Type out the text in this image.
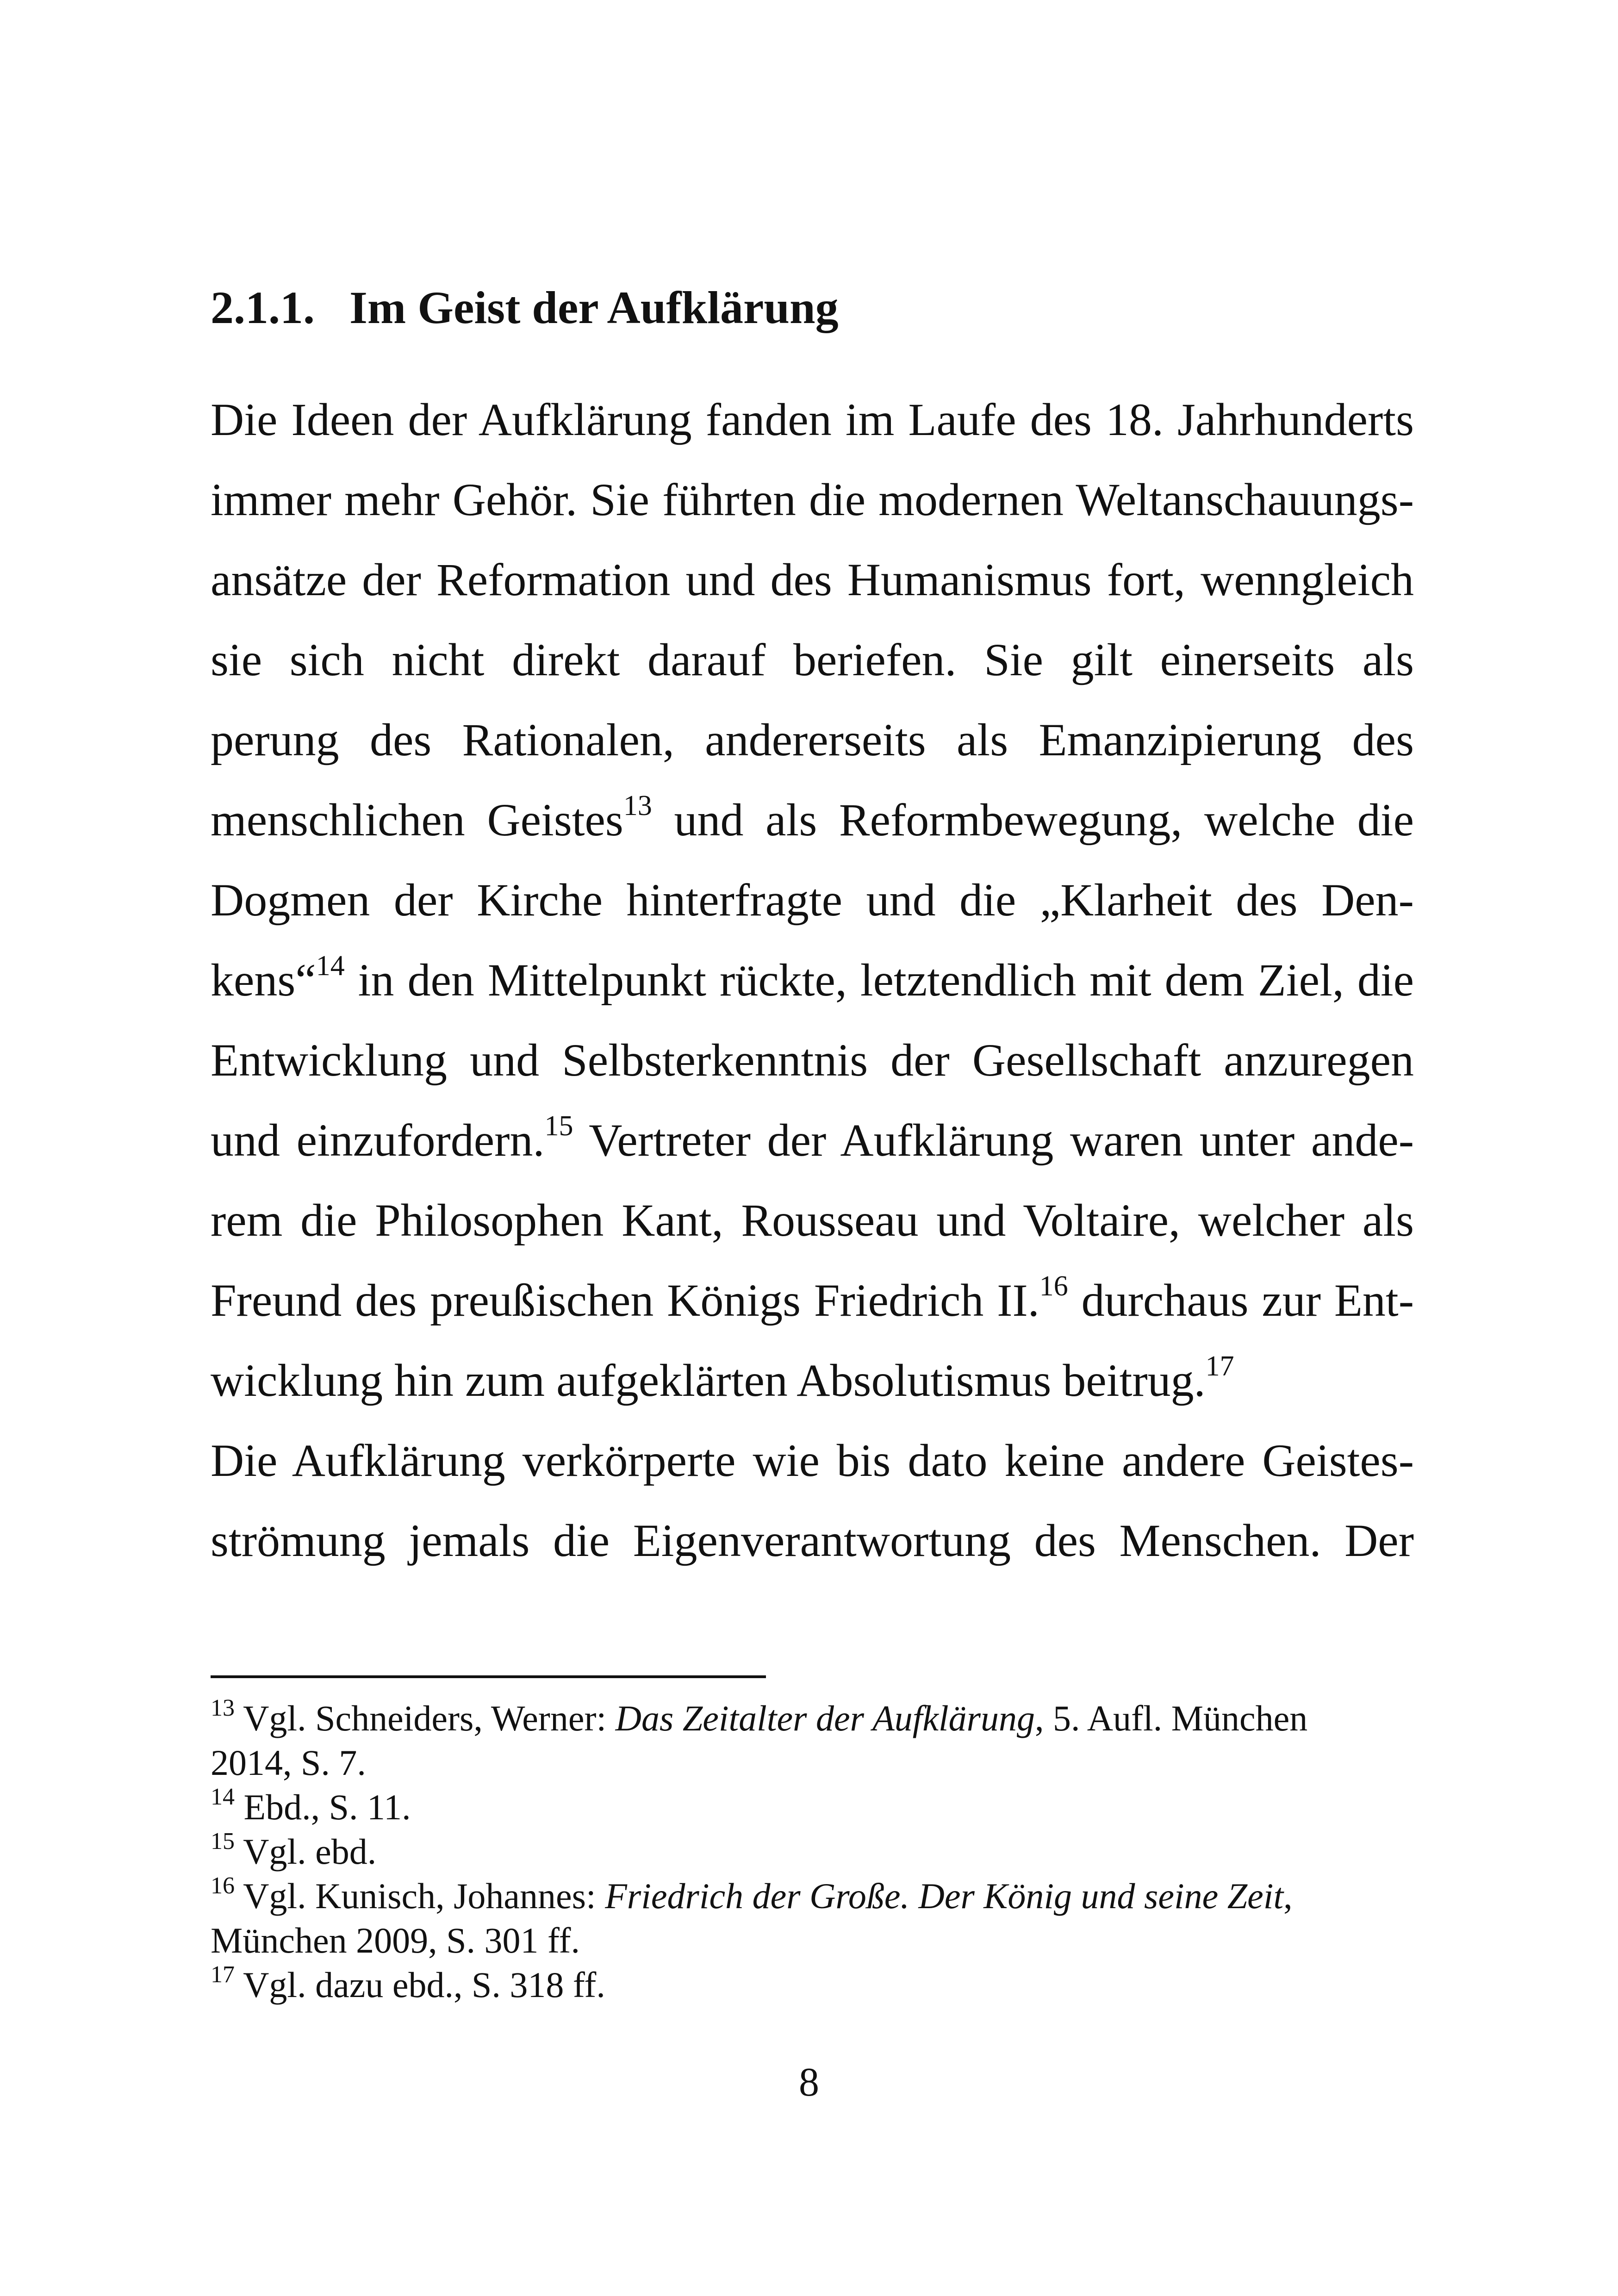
2.1.1. Im Geist der Aufklärung
Die Ideen der Aufklärung fanden im Laufe des 18. Jahrhunderts
immer mehr Gehör. Sie führten die modernen Weltanschauungs-
ansätze der Reformation und des Humanismus fort, wenngleich
sie sich nicht direkt darauf beriefen. Sie gilt einerseits als
perung des Rationalen, andererseits als Emanzipierung des
menschlichen Geistes$^{13}$ und als Reformbewegung, welche die
Dogmen der Kirche hinterfragte und die „Klarheit des Den-
kens“$^{14}$ in den Mittelpunkt rückte, letztendlich mit dem Ziel, die
Entwicklung und Selbsterkenntnis der Gesellschaft anzuregen
und einzufordern.$^{15}$ Vertreter der Aufklärung waren unter ande-
rem die Philosophen Kant, Rousseau und Voltaire, welcher als
Freund des preußischen Königs Friedrich II.$^{16}$ durchaus zur Ent-
wicklung hin zum aufgeklärten Absolutismus beitrug.$^{17}$
Die Aufklärung verkörperte wie bis dato keine andere Geistes-
strömung jemals die Eigenverantwortung des Menschen. Der
$^{13}$ Vgl. Schneiders, Werner: Das Zeitalter der Aufklärung, 5. Aufl. München
2014, S. 7.
$^{14}$ Ebd., S. 11.
$^{15}$ Vgl. ebd.
$^{16}$ Vgl. Kunisch, Johannes: Friedrich der Große. Der König und seine Zeit,
München 2009, S. 301 ff.
$^{17}$ Vgl. dazu ebd., S. 318 ff.
8
